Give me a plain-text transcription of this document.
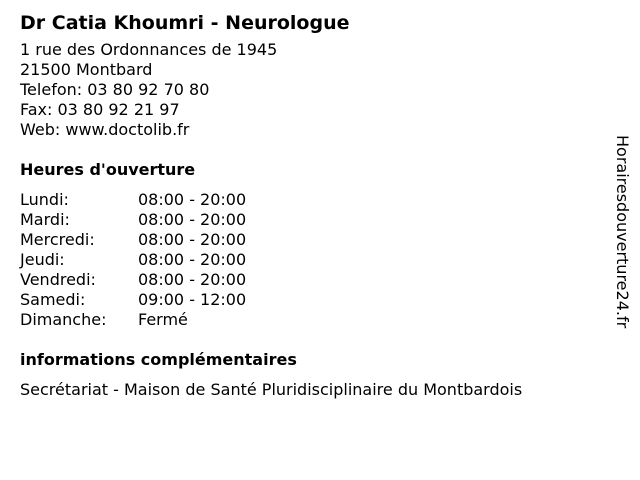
Dr Catia Khoumri - Neurologue
1 rue des Ordonnances de 1945
21500 Montbard
Telefon: 03 80 92 70 80
Fax: 03 80 92 21 97
Web: www.doctolib.fr
Heures d'ouverture
Lundi:	08:00 - 20:00
Mardi:	08:00 - 20:00
Mercredi:	08:00 - 20:00
Jeudi:	08:00 - 20:00
Vendredi:	08:00 - 20:00
Samedi:	09:00 - 12:00
Dimanche:	Fermé
informations complémentaires
Secrétariat - Maison de Santé Pluridisciplinaire du Montbardois
Horairesdouverture24.fr
